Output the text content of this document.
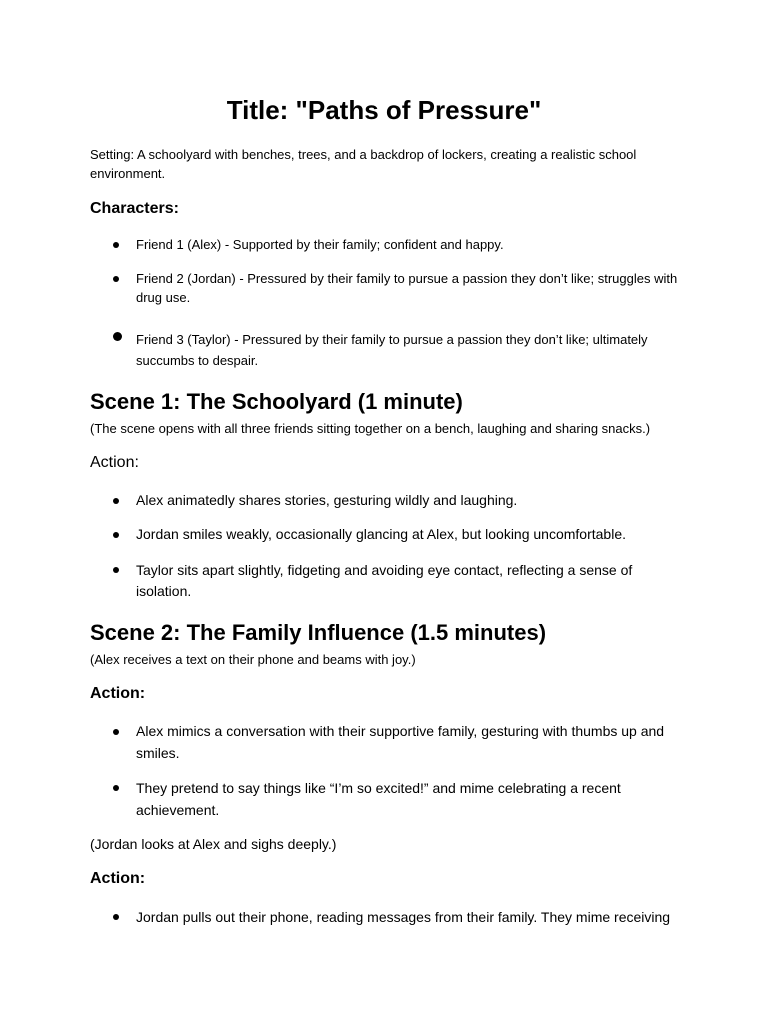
Title: "Paths of Pressure"
Setting: A schoolyard with benches, trees, and a backdrop of lockers, creating a realistic school
environment.
Characters:
Friend 1 (Alex) - Supported by their family; confident and happy.
Friend 2 (Jordan) - Pressured by their family to pursue a passion they don’t like; struggles with
drug use.
Friend 3 (Taylor) - Pressured by their family to pursue a passion they don’t like; ultimately
succumbs to despair.
Scene 1: The Schoolyard (1 minute)
(The scene opens with all three friends sitting together on a bench, laughing and sharing snacks.)
Action:
Alex animatedly shares stories, gesturing wildly and laughing.
Jordan smiles weakly, occasionally glancing at Alex, but looking uncomfortable.
Taylor sits apart slightly, fidgeting and avoiding eye contact, reflecting a sense of
isolation.
Scene 2: The Family Influence (1.5 minutes)
(Alex receives a text on their phone and beams with joy.)
Action:
Alex mimics a conversation with their supportive family, gesturing with thumbs up and
smiles.
They pretend to say things like “I’m so excited!” and mime celebrating a recent
achievement.
(Jordan looks at Alex and sighs deeply.)
Action:
Jordan pulls out their phone, reading messages from their family. They mime receiving
